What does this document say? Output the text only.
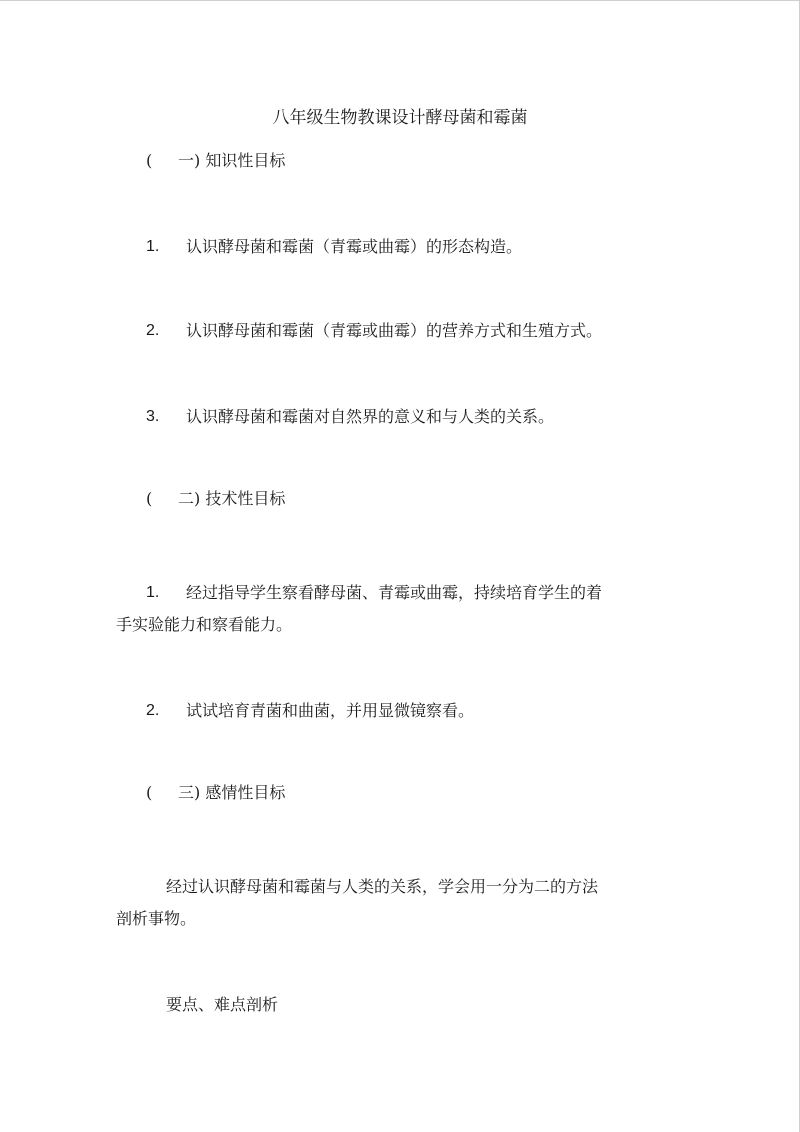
八年级生物教课设计酵母菌和霉菌
( 一) 知识性目标
1. 认识酵母菌和霉菌（青霉或曲霉）的形态构造。
2. 认识酵母菌和霉菌（青霉或曲霉）的营养方式和生殖方式。
3. 认识酵母菌和霉菌对自然界的意义和与人类的关系。
( 二) 技术性目标
1. 经过指导学生察看酵母菌、青霉或曲霉，持续培育学生的着
手实验能力和察看能力。
2. 试试培育青菌和曲菌，并用显微镜察看。
( 三) 感情性目标
经过认识酵母菌和霉菌与人类的关系，学会用一分为二的方法
剖析事物。
要点、难点剖析
